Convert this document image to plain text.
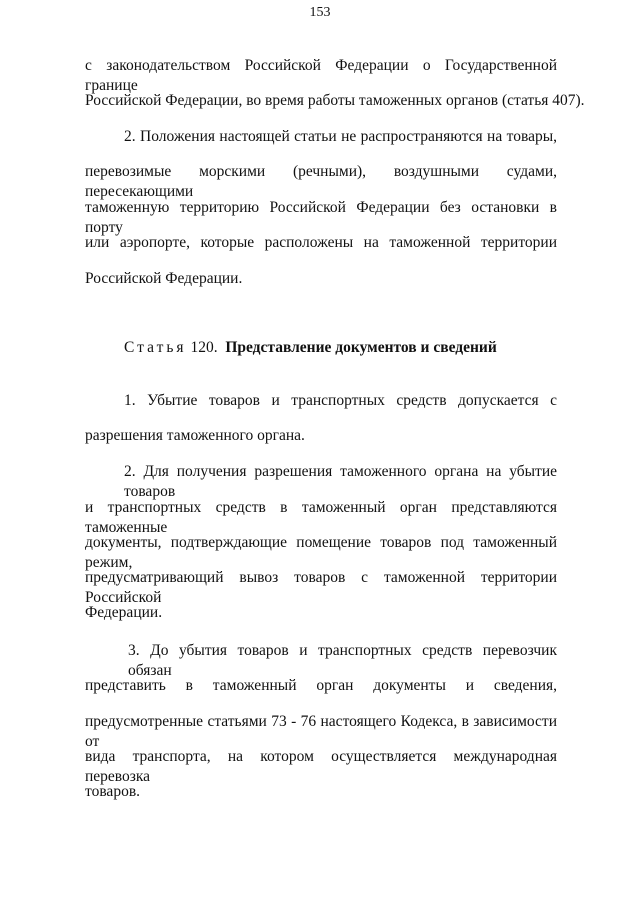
153
Статья 120. Представление документов и сведений
с законодательством Российской Федерации о Государственной границе
Российской Федерации, во время работы таможенных органов (статья 407).
2. Положения настоящей статьи не распространяются на товары,
перевозимые морскими (речными), воздушными судами, пересекающими
таможенную территорию Российской Федерации без остановки в порту
или аэропорте, которые расположены на таможенной территории
Российской Федерации.
1. Убытие товаров и транспортных средств допускается с
разрешения таможенного органа.
2. Для получения разрешения таможенного органа на убытие товаров
и транспортных средств в таможенный орган представляются таможенные
документы, подтверждающие помещение товаров под таможенный режим,
предусматривающий вывоз товаров с таможенной территории Российской
Федерации.
3. До убытия товаров и транспортных средств перевозчик обязан
представить в таможенный орган документы и сведения,
предусмотренные статьями 73 - 76 настоящего Кодекса, в зависимости от
вида транспорта, на котором осуществляется международная перевозка
товаров.
